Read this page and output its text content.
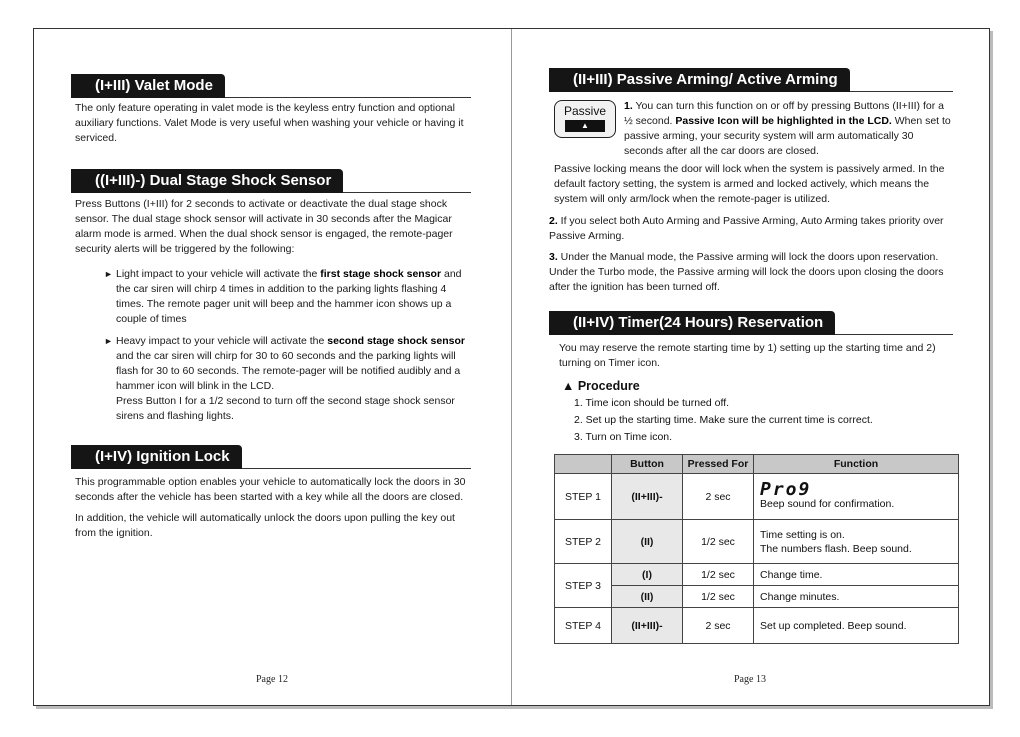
(I+III) Valet Mode
The only feature operating in valet mode is the keyless entry function and optional auxiliary functions. Valet Mode is very useful when washing your vehicle or having it serviced.
((I+III)-) Dual Stage Shock Sensor
Press Buttons (I+III) for 2 seconds to activate or deactivate the dual stage shock sensor. The dual stage shock sensor will activate in 30 seconds after the Magicar alarm mode is armed. When the dual shock sensor is engaged, the remote-pager security alerts will be triggered by the following:
► Light impact to your vehicle will activate the first stage shock sensor and the car siren will chirp 4 times in addition to the parking lights flashing 4 times. The remote pager unit will beep and the hammer icon shows up a couple of times
► Heavy impact to your vehicle will activate the second stage shock sensor and the car siren will chirp for 30 to 60 seconds and the parking lights will flash for 30 to 60 seconds. The remote-pager will be notified audibly and a hammer icon will blink in the LCD.
Press Button I for a 1/2 second to turn off the second stage shock sensor sirens and flashing lights.
(I+IV) Ignition Lock

This programmable option enables your vehicle to automatically lock the doors in 30 seconds after the vehicle has been started with a key while all the doors are closed.

In addition, the vehicle will automatically unlock the doors upon pulling the key out from the ignition.

Page 12
(II+III) Passive Arming/ Active Arming
Passive
▲
1. You can turn this function on or off by pressing Buttons (II+III) for a ½ second. Passive Icon will be highlighted in the LCD. When set to passive arming, your security system will arm automatically 30 seconds after all the car doors are closed.
Passive locking means the door will lock when the system is passively armed. In the default factory setting, the system is armed and locked actively, which means the system will only arm/lock when the remote-pager is utilized.
2. If you select both Auto Arming and Passive Arming, Auto Arming takes priority over Passive Arming.
3. Under the Manual mode, the Passive arming will lock the doors upon reservation. Under the Turbo mode, the Passive arming will lock the doors upon closing the doors after the ignition has been turned off.
(II+IV) Timer(24 Hours) Reservation
You may reserve the remote starting time by 1) setting up the starting time and 2) turning on Timer icon.
▲ Procedure
1. Time icon should be turned off.
2. Set up the starting time. Make sure the current time is correct.
3. Turn on Time icon.
	Button	Pressed For	Function
STEP 1	(II+III)-	2 sec	Pro9
Beep sound for confirmation.

STEP 2	(II)	1/2 sec	Time setting is on.
The numbers flash. Beep sound.

STEP 3	(I)	1/2 sec	Change time.
	(II)	1/2 sec	Change minutes.
STEP 4	(II+III)-	2 sec	Set up completed. Beep sound.
Page 13
